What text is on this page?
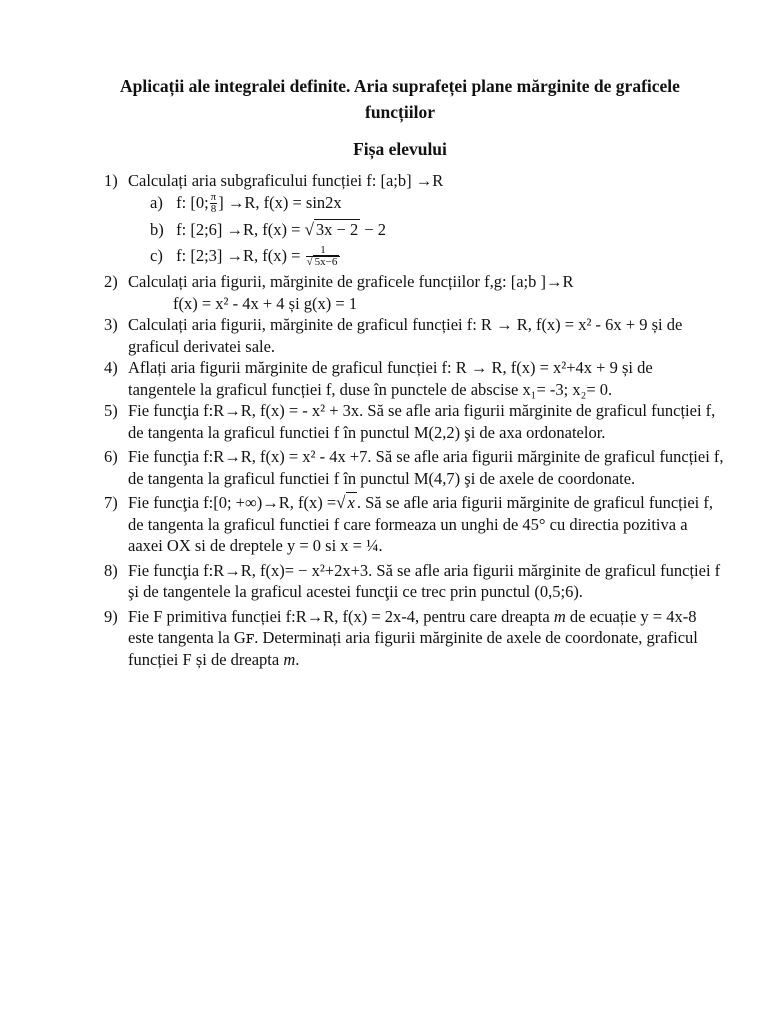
Aplicații ale integralei definite. Aria suprafeței plane mărginite de graficele funcțiilor
Fișa elevului
1) Calculați aria subgraficului funcției f: [a;b] →R
a) f: [0; $\frac{\pi}{8}$ ] →R, f(x) = sin2x
b) f: [2;6] →R, f(x) = √ 3x − 2 − 2
c) f: [2;3] →R, $f(x) = \frac{1}{√ 5x-6}$
2) Calculați aria figurii, mărginite de graficele funcțiilor f,g: [a;b ]→R
f(x) = x² - 4x + 4 și g(x) = 1
3) Calculați aria figurii, mărginite de graficul funcției f: R → R, f(x) = x² - 6x + 9 și de graficul derivatei sale.
4) Aflați aria figurii mărginite de graficul funcției f: R → R, f(x) = x²+4x + 9 și de tangentele la graficul funcției f, duse în punctele de abscise x₁= -3; x₂= 0.
5) Fie funcţia f:R→R, f(x) = - x² + 3x. Să se afle aria figurii mărginite de graficul funcției f, de tangenta la graficul functiei f în punctul M(2,2) şi de axa ordonatelor.
6) Fie funcţia f:R→R, f(x) = x² - 4x +7. Să se afle aria figurii mărginite de graficul funcției f, de tangenta la graficul functiei f în punctul M(4,7) şi de axele de coordonate.
7) Fie funcţia f:[0; +∞)→R, f(x) =√ x . Să se afle aria figurii mărginite de graficul funcției f, de tangenta la graficul functiei f care formeaza un unghi de 45° cu directia pozitiva a aaxei OX si de dreptele y = 0 si x = ¼.
8) Fie funcţia f:R→R, f(x)= − x²+2x+3. Să se afle aria figurii mărginite de graficul funcției f şi de tangentele la graficul acestei funcţii ce trec prin punctul (0,5;6).
9) Fie F primitiva funcției f:R→R, f(x) = 2x-4, pentru care dreapta m de ecuație y = 4x-8 este tangenta la Gꜰ. Determinați aria figurii mărginite de axele de coordonate, graficul funcției F și de dreapta m.
